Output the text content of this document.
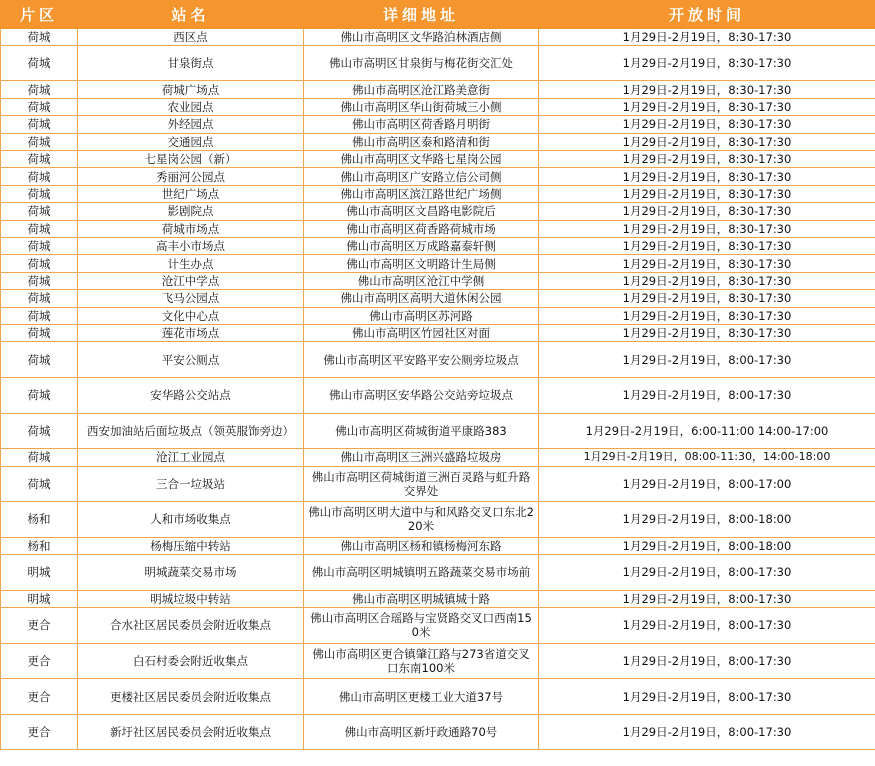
片区	站名	详细地址	开放时间
荷城	西区点	佛山市高明区文华路泊林酒店侧	1月29日-2月19日，8:30-17:30
荷城	甘泉街点	佛山市高明区甘泉街与梅花街交汇处	1月29日-2月19日，8:30-17:30
荷城	荷城广场点	佛山市高明区沧江路美意街	1月29日-2月19日，8:30-17:30
荷城	农业园点	佛山市高明区华山街荷城三小侧	1月29日-2月19日，8:30-17:30
荷城	外经园点	佛山市高明区荷香路月明街	1月29日-2月19日，8:30-17:30
荷城	交通园点	佛山市高明区泰和路清和街	1月29日-2月19日，8:30-17:30
荷城	七星岗公园（新）	佛山市高明区文华路七星岗公园	1月29日-2月19日，8:30-17:30
荷城	秀丽河公园点	佛山市高明区广安路立信公司侧	1月29日-2月19日，8:30-17:30
荷城	世纪广场点	佛山市高明区滨江路世纪广场侧	1月29日-2月19日，8:30-17:30
荷城	影剧院点	佛山市高明区文昌路电影院后	1月29日-2月19日，8:30-17:30
荷城	荷城市场点	佛山市高明区荷香路荷城市场	1月29日-2月19日，8:30-17:30
荷城	高丰小市场点	佛山市高明区万成路嘉泰轩侧	1月29日-2月19日，8:30-17:30
荷城	计生办点	佛山市高明区文明路计生局侧	1月29日-2月19日，8:30-17:30
荷城	沧江中学点	佛山市高明区沧江中学侧	1月29日-2月19日，8:30-17:30
荷城	飞马公园点	佛山市高明区高明大道休闲公园	1月29日-2月19日，8:30-17:30
荷城	文化中心点	佛山市高明区苏河路	1月29日-2月19日，8:30-17:30
荷城	莲花市场点	佛山市高明区竹园社区对面	1月29日-2月19日，8:30-17:30
荷城	平安公厕点	佛山市高明区平安路平安公厕旁垃圾点	1月29日-2月19日，8:00-17:30
荷城	安华路公交站点	佛山市高明区安华路公交站旁垃圾点	1月29日-2月19日，8:00-17:30
荷城	西安加油站后面垃圾点（领英服饰旁边）	佛山市高明区荷城街道平康路383	1月29日-2月19日，6:00-11:00 14:00-17:00
荷城	沧江工业园点	佛山市高明区三洲兴盛路垃圾房	1月29日-2月19日，08:00-11:30，14:00-18:00
荷城	三合一垃圾站	佛山市高明区荷城街道三洲百灵路与虹升路交界处	1月29日-2月19日，8:00-17:00
杨和	人和市场收集点	佛山市高明区明大道中与和风路交叉口东北220米	1月29日-2月19日，8:00-18:00
杨和	杨梅压缩中转站	佛山市高明区杨和镇杨梅河东路	1月29日-2月19日，8:00-18:00
明城	明城蔬菜交易市场	佛山市高明区明城镇明五路蔬菜交易市场前	1月29日-2月19日，8:00-17:30
明城	明城垃圾中转站	佛山市高明区明城镇城十路	1月29日-2月19日，8:00-17:30
更合	合水社区居民委员会附近收集点	佛山市高明区合瑶路与宝贤路交叉口西南150米	1月29日-2月19日，8:00-17:30
更合	白石村委会附近收集点	佛山市高明区更合镇肇江路与273省道交叉口东南100米	1月29日-2月19日，8:00-17:30
更合	更楼社区居民委员会附近收集点	佛山市高明区更楼工业大道37号	1月29日-2月19日，8:00-17:30
更合	新圩社区居民委员会附近收集点	佛山市高明区新圩政通路70号	1月29日-2月19日，8:00-17:30
